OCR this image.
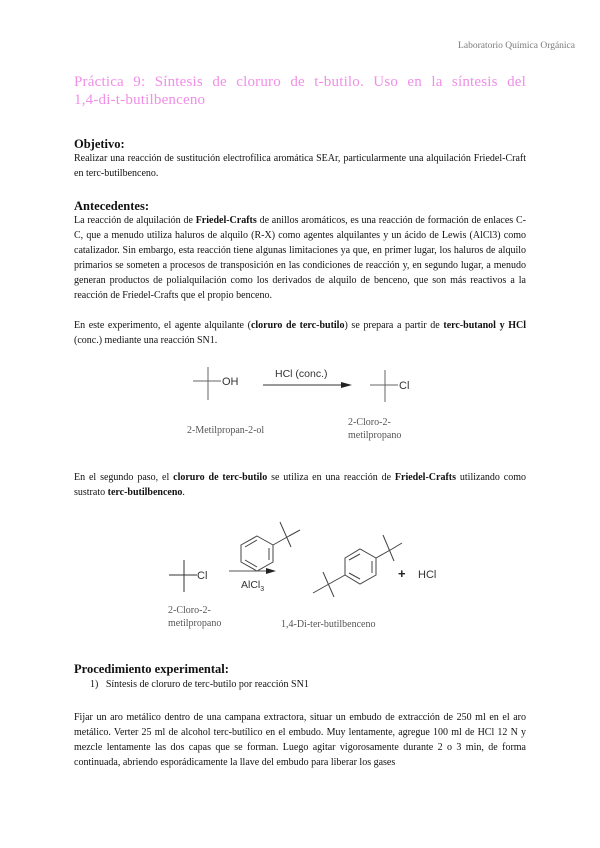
Laboratorio Química Orgánica
Práctica 9: Síntesis de cloruro de t-butilo. Uso en la síntesis del
1,4-di-t-butilbenceno
Objetivo:
Realizar una reacción de sustitución electrofílica aromática SEAr, particularmente una alquilación Friedel-Craft en terc-butilbenceno.
Antecedentes:
La reacción de alquilación de Friedel-Crafts de anillos aromáticos, es una reacción de formación de enlaces C-C, que a menudo utiliza haluros de alquilo (R-X) como agentes alquilantes y un ácido de Lewis (AlCl3) como catalizador. Sin embargo, esta reacción tiene algunas limitaciones ya que, en primer lugar, los haluros de alquilo primarios se someten a procesos de transposición en las condiciones de reacción y, en segundo lugar, a menudo generan productos de polialquilación como los derivados de alquilo de benceno, que son más reactivos a la reacción de Friedel-Crafts que el propio benceno.
En este experimento, el agente alquilante (cloruro de terc-butilo) se prepara a partir de terc-butanol y HCl (conc.) mediante una reacción SN1.
OH
HCl (conc.)
Cl
2-Metilpropan-2-ol
2-Cloro-2-
metilpropano
En el segundo paso, el cloruro de terc-butilo se utiliza en una reacción de Friedel-Crafts utilizando como sustrato terc-butilbenceno.
Cl
AlCl$_3$
+ HCl
2-Cloro-2-
metilpropano	1,4-Di-ter-butilbenceno
Procedimiento experimental:
1) Síntesis de cloruro de terc-butilo por reacción SN1
Fijar un aro metálico dentro de una campana extractora, situar un embudo de extracción de 250 ml en el aro metálico. Verter 25 ml de alcohol terc-butílico en el embudo. Muy lentamente, agregue 100 ml de HCl 12 N y mezcle lentamente las dos capas que se forman. Luego agitar vigorosamente durante 2 o 3 min, de forma continuada, abriendo esporádicamente la llave del embudo para liberar los gases
